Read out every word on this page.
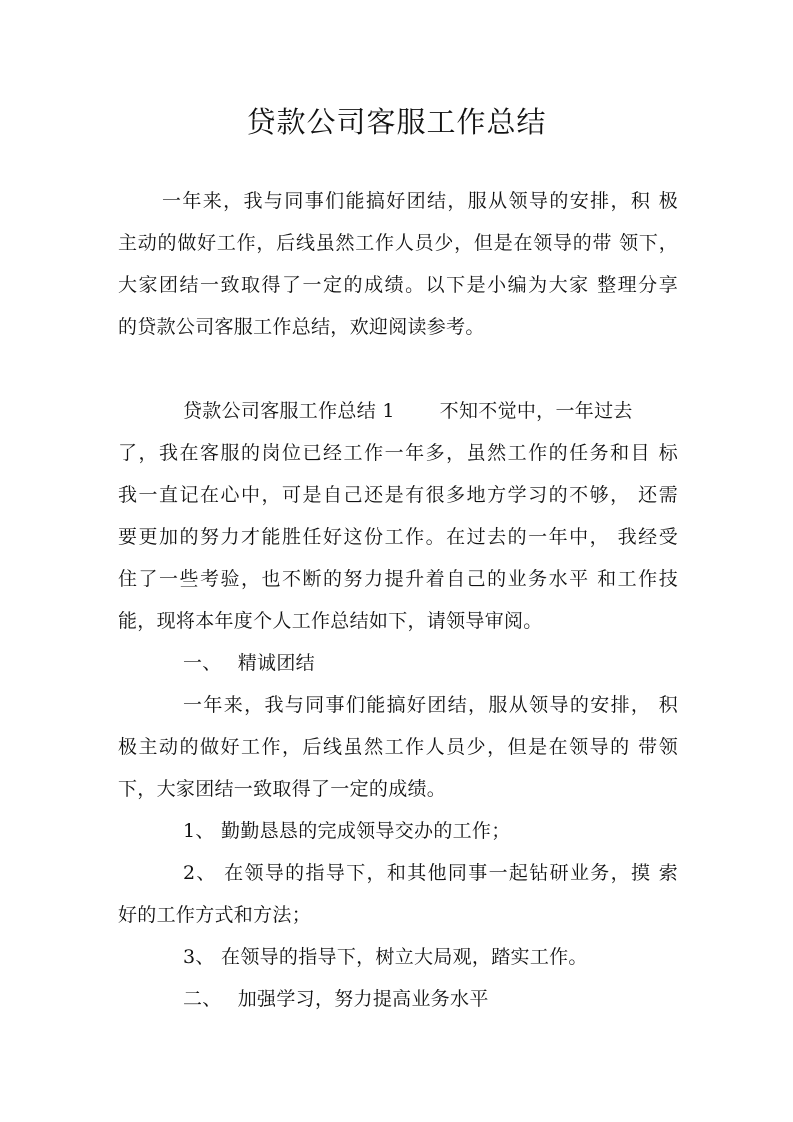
贷款公司客服工作总结
一年来，我与同事们能搞好团结，服从领导的安排，积 极
主动的做好工作，后线虽然工作人员少，但是在领导的带 领下，
大家团结一致取得了一定的成绩。以下是小编为大家 整理分享
的贷款公司客服工作总结，欢迎阅读参考。
贷款公司客服工作总结 1　　 不知不觉中，一年过去
了，我在客服的岗位已经工作一年多，虽然工作的任务和目 标
我一直记在心中，可是自己还是有很多地方学习的不够， 还需
要更加的努力才能胜任好这份工作。在过去的一年中， 我经受
住了一些考验，也不断的努力提升着自己的业务水平 和工作技
能，现将本年度个人工作总结如下，请领导审阅。
一、　 精诚团结
一年来，我与同事们能搞好团结，服从领导的安排， 积
极主动的做好工作，后线虽然工作人员少，但是在领导的 带领
下，大家团结一致取得了一定的成绩。
1、 勤勤恳恳的完成领导交办的工作；
2、 在领导的指导下，和其他同事一起钻研业务，摸 索
好的工作方式和方法；
3、 在领导的指导下，树立大局观，踏实工作。
二、　 加强学习，努力提高业务水平
